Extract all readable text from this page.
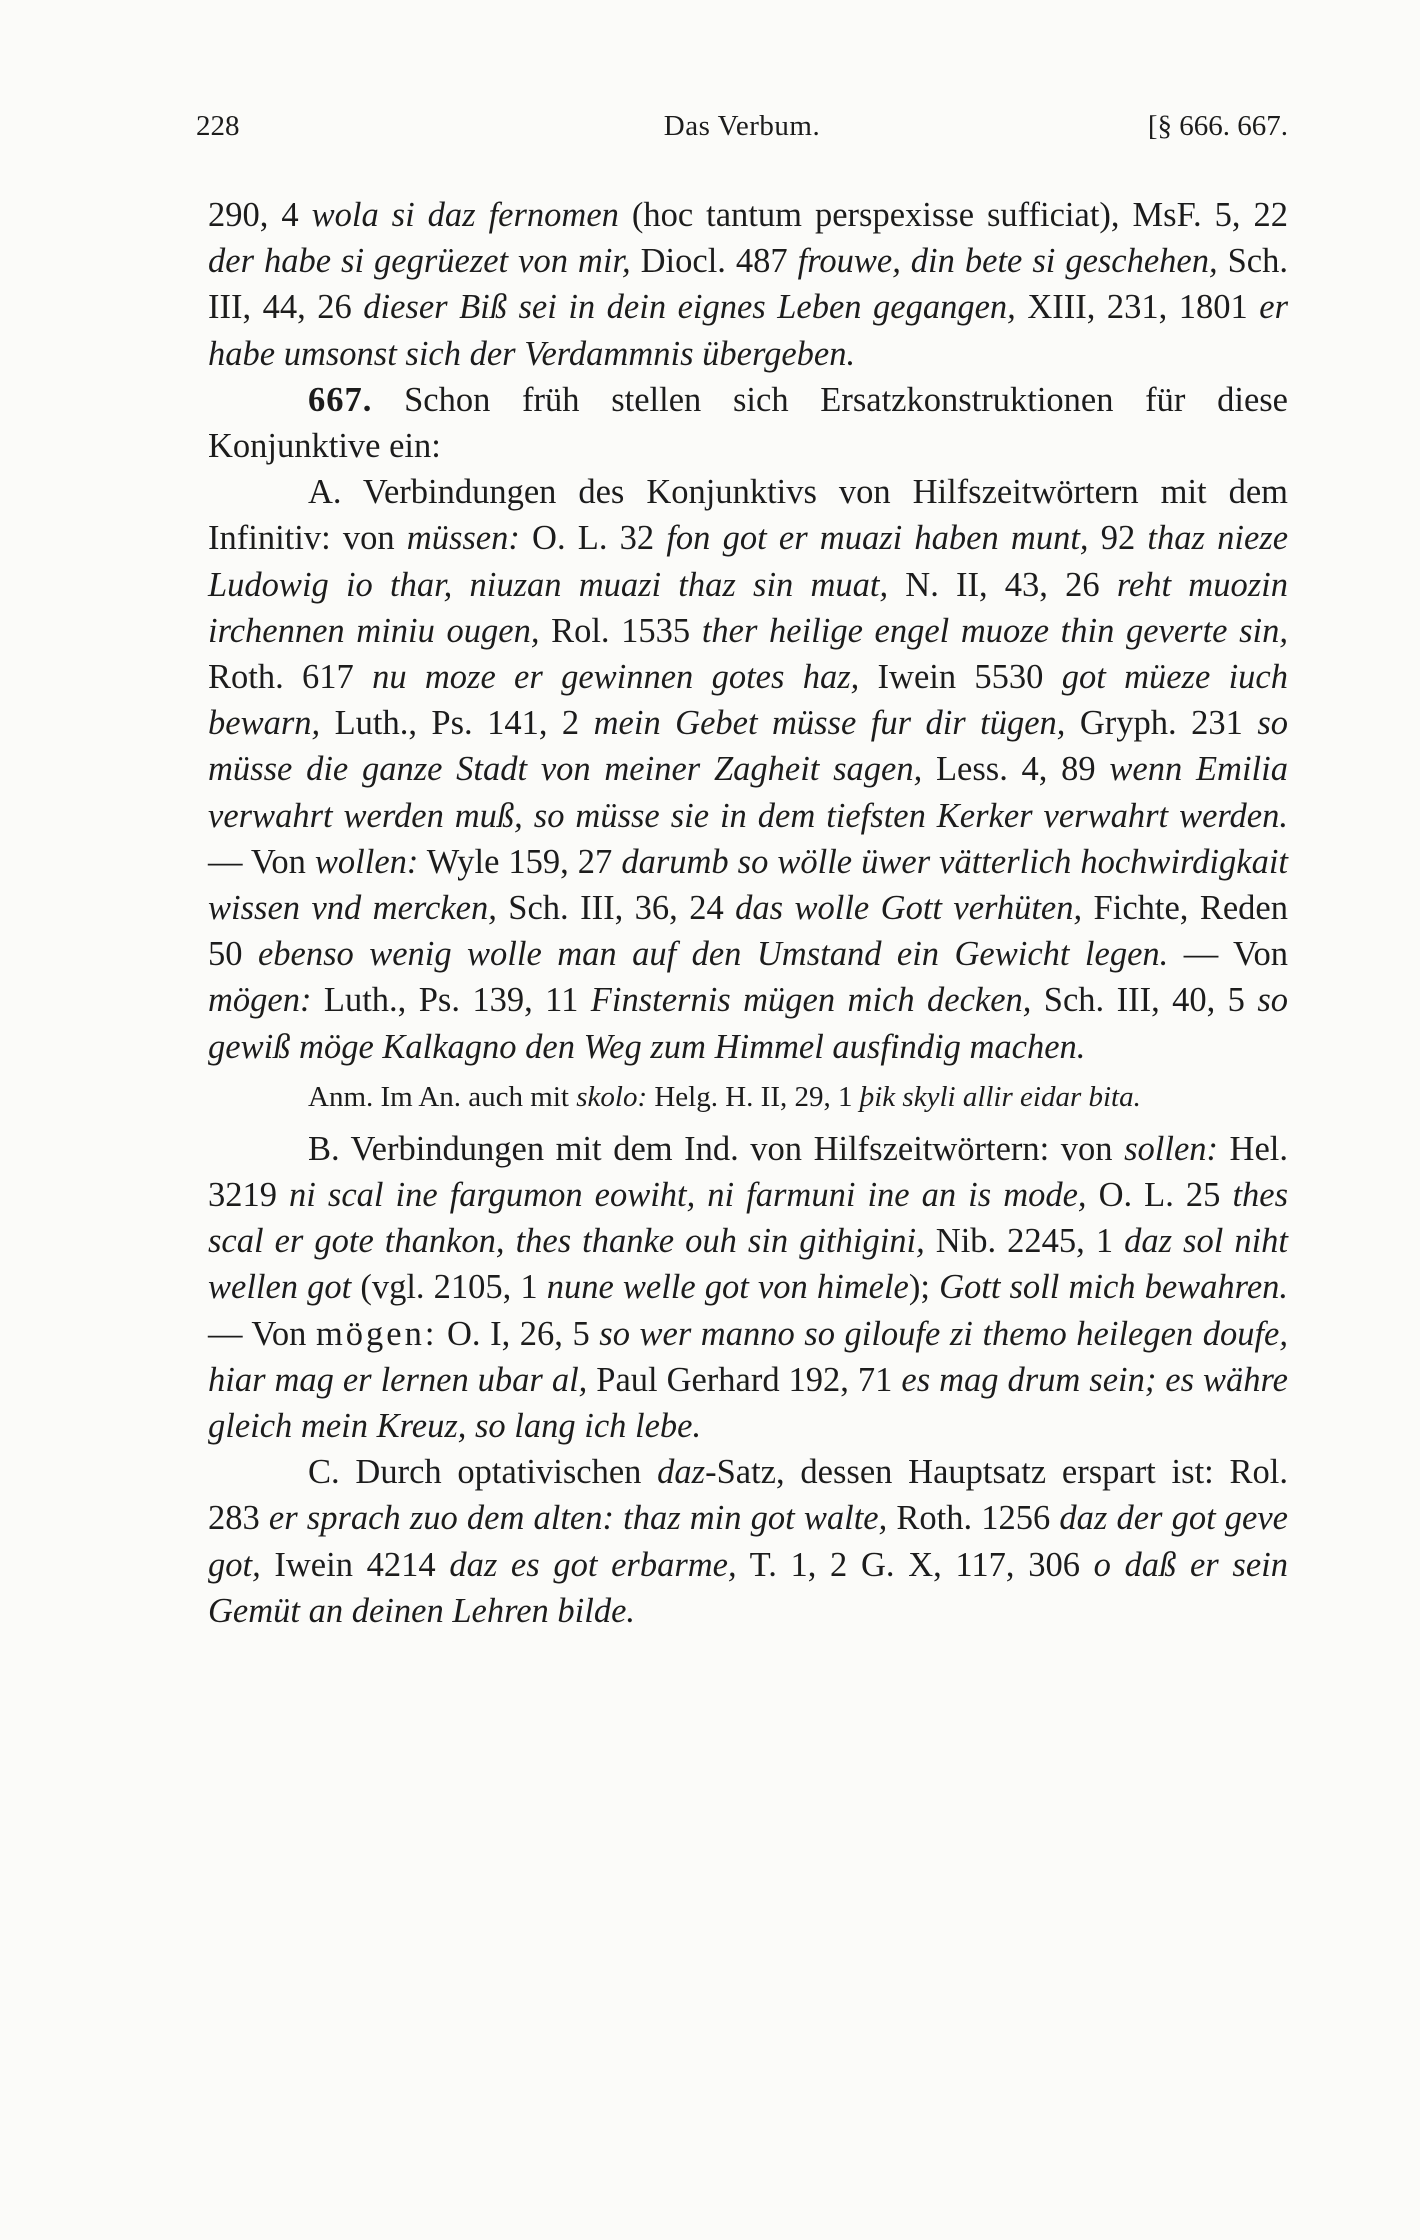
228	Das Verbum.	[§ 666. 667.

290, 4 wola si daz fernomen (hoc tantum perspexisse sufficiat), MsF. 5, 22 der habe si gegrüezet von mir, Diocl. 487 frouwe, din bete si geschehen, Sch. III, 44, 26 dieser Biß sei in dein eignes Leben gegangen, XIII, 231, 1801 er habe umsonst sich der Verdammnis übergeben.

667. Schon früh stellen sich Ersatzkonstruktionen für diese Konjunktive ein:

A. Verbindungen des Konjunktivs von Hilfszeitwörtern mit dem Infinitiv: von müssen: O. L. 32 fon got er muazi haben munt, 92 thaz nieze Ludowig io thar, niuzan muazi thaz sin muat, N. II, 43, 26 reht muozin irchennen miniu ougen, Rol. 1535 ther heilige engel muoze thin geverte sin, Roth. 617 nu moze er gewinnen gotes haz, Iwein 5530 got müeze iuch bewarn, Luth., Ps. 141, 2 mein Gebet müsse fur dir tügen, Gryph. 231 so müsse die ganze Stadt von meiner Zagheit sagen, Less. 4, 89 wenn Emilia verwahrt werden muß, so müsse sie in dem tiefsten Kerker verwahrt werden. — Von wollen: Wyle 159, 27 darumb so wölle üwer vätterlich hochwirdigkait wissen vnd mercken, Sch. III, 36, 24 das wolle Gott verhüten, Fichte, Reden 50 ebenso wenig wolle man auf den Umstand ein Gewicht legen. — Von mögen: Luth., Ps. 139, 11 Finsternis mügen mich decken, Sch. III, 40, 5 so gewiß möge Kalkagno den Weg zum Himmel ausfindig machen.

Anm. Im An. auch mit skolo: Helg. H. II, 29, 1 þik skyli allir eidar bita.

B. Verbindungen mit dem Ind. von Hilfszeitwörtern: von sollen: Hel. 3219 ni scal ine fargumon eowiht, ni farmuni ine an is mode, O. L. 25 thes scal er gote thankon, thes thanke ouh sin githigini, Nib. 2245, 1 daz sol niht wellen got (vgl. 2105, 1 nune welle got von himele); Gott soll mich bewahren. — Von mögen: O. I, 26, 5 so wer manno so giloufe zi themo heilegen doufe, hiar mag er lernen ubar al, Paul Gerhard 192, 71 es mag drum sein; es währe gleich mein Kreuz, so lang ich lebe.

C. Durch optativischen daz-Satz, dessen Hauptsatz erspart ist: Rol. 283 er sprach zuo dem alten: thaz min got walte, Roth. 1256 daz der got geve got, Iwein 4214 daz es got erbarme, T. 1, 2 G. X, 117, 306 o daß er sein Gemüt an deinen Lehren bilde.
